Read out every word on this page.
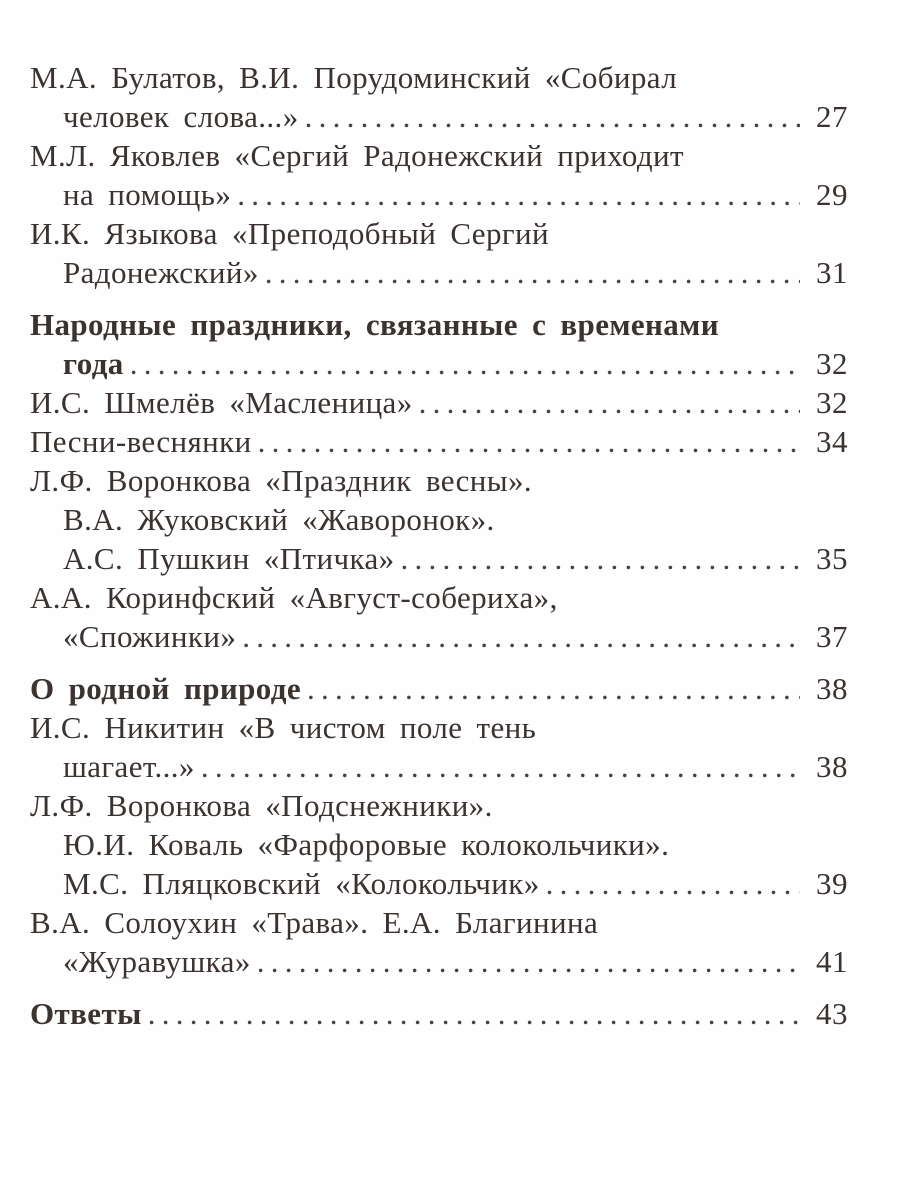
М.А. Булатов, В.И. Порудоминский «Собирал
человек слова...» . . .	27
М.Л. Яковлев «Сергий Радонежский приходит
на помощь» . . .	29
И.К. Языкова «Преподобный Сергий
Радонежский» . . .	31
Народные праздники, связанные с временами
года . . .	32
И.С. Шмелёв «Масленица» . . .	32
Песни-веснянки . . .	34
Л.Ф. Воронкова «Праздник весны».
В.А. Жуковский «Жаворонок».
А.С. Пушкин «Птичка» . . .	35
А.А. Коринфский «Август-собериха»,
«Спожинки» . . .	37
О родной природе . . .	38
И.С. Никитин «В чистом поле тень
шагает...» . . .	38
Л.Ф. Воронкова «Подснежники».
Ю.И. Коваль «Фарфоровые колокольчики».
М.С. Пляцковский «Колокольчик» . . .	39
В.А. Солоухин «Трава». Е.А. Благинина
«Журавушка» . . .	41
Ответы . . .	43
